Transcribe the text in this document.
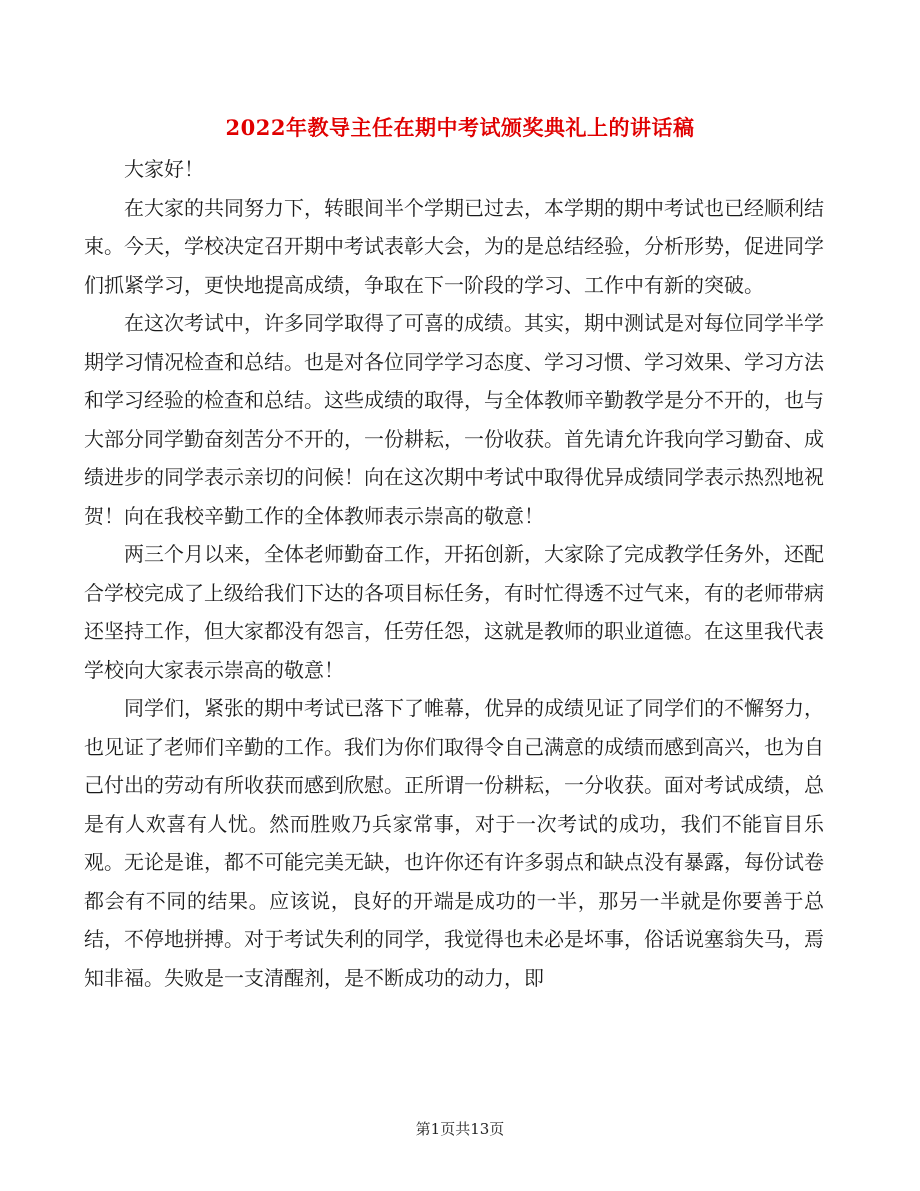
2022年教导主任在期中考试颁奖典礼上的讲话稿

大家好！

在大家的共同努力下，转眼间半个学期已过去，本学期的期中考试也已经顺利结束。今天，学校决定召开期中考试表彰大会，为的是总结经验，分析形势，促进同学们抓紧学习，更快地提高成绩，争取在下一阶段的学习、工作中有新的突破。

在这次考试中，许多同学取得了可喜的成绩。其实，期中测试是对每位同学半学期学习情况检查和总结。也是对各位同学学习态度、学习习惯、学习效果、学习方法和学习经验的检查和总结。这些成绩的取得，与全体教师辛勤教学是分不开的，也与大部分同学勤奋刻苦分不开的，一份耕耘，一份收获。首先请允许我向学习勤奋、成绩进步的同学表示亲切的问候！向在这次期中考试中取得优异成绩同学表示热烈地祝贺！向在我校辛勤工作的全体教师表示崇高的敬意！

两三个月以来，全体老师勤奋工作，开拓创新，大家除了完成教学任务外，还配合学校完成了上级给我们下达的各项目标任务，有时忙得透不过气来，有的老师带病还坚持工作，但大家都没有怨言，任劳任怨，这就是教师的职业道德。在这里我代表学校向大家表示崇高的敬意！

同学们，紧张的期中考试已落下了帷幕，优异的成绩见证了同学们的不懈努力，也见证了老师们辛勤的工作。我们为你们取得令自己满意的成绩而感到高兴，也为自己付出的劳动有所收获而感到欣慰。正所谓一份耕耘，一分收获。面对考试成绩，总是有人欢喜有人忧。然而胜败乃兵家常事，对于一次考试的成功，我们不能盲目乐观。无论是谁，都不可能完美无缺，也许你还有许多弱点和缺点没有暴露，每份试卷都会有不同的结果。应该说，良好的开端是成功的一半，那另一半就是你要善于总结，不停地拼搏。对于考试失利的同学，我觉得也未必是坏事，俗话说塞翁失马，焉知非福。失败是一支清醒剂，是不断成功的动力，即

第1页共13页
